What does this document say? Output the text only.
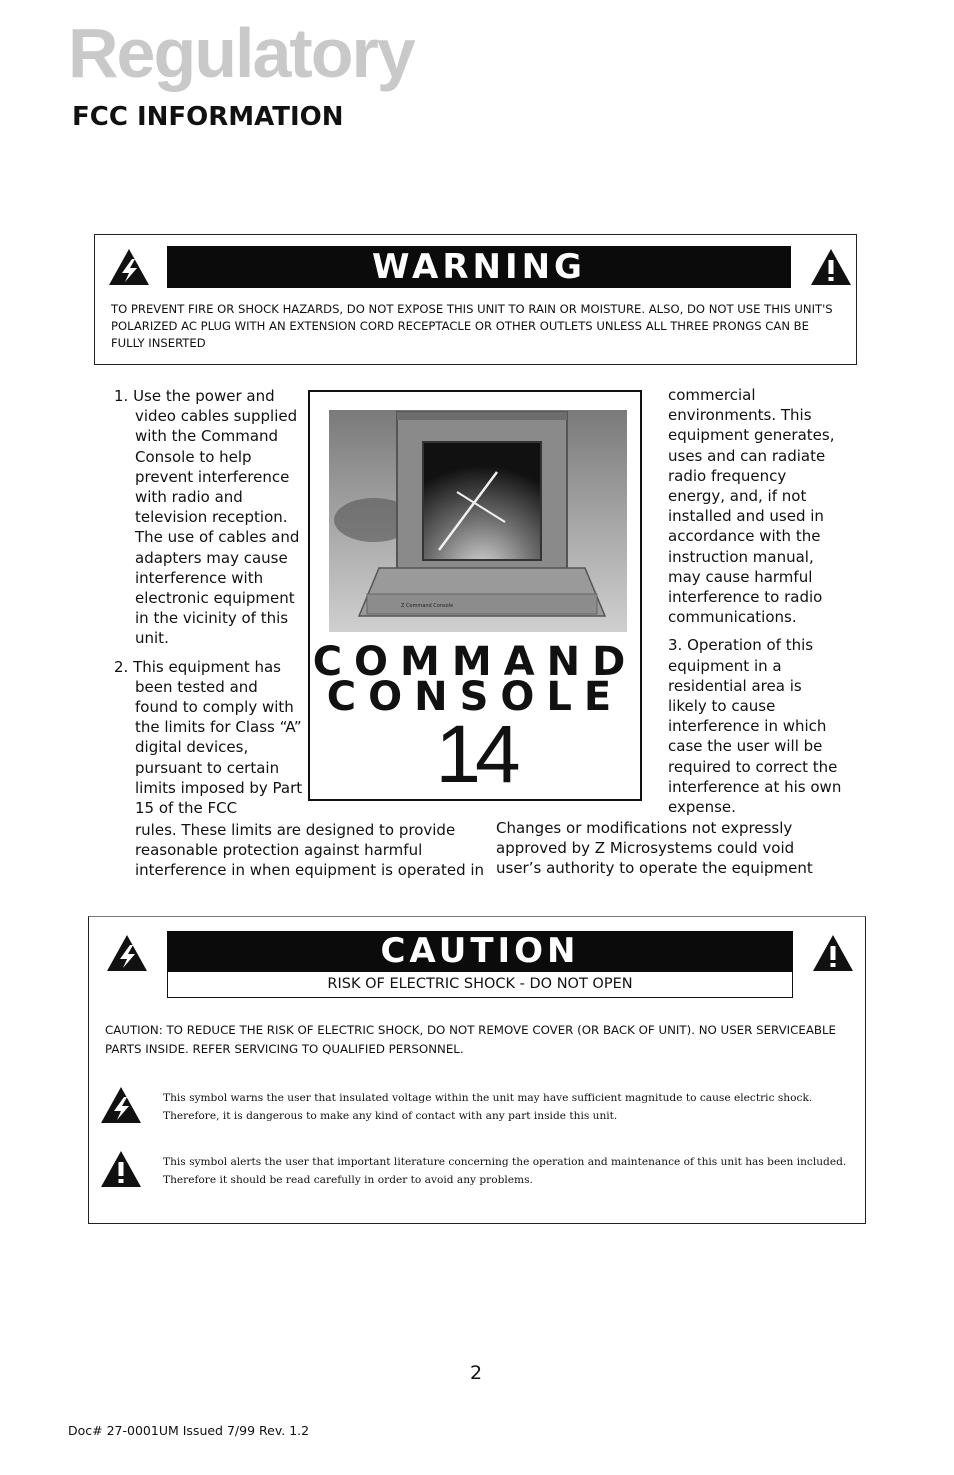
Regulatory
FCC INFORMATION
WARNING
TO PREVENT FIRE OR SHOCK HAZARDS, DO NOT EXPOSE THIS UNIT TO RAIN OR MOISTURE. ALSO, DO NOT USE THIS UNIT'S POLARIZED AC PLUG WITH AN EXTENSION CORD RECEPTACLE OR OTHER OUTLETS UNLESS ALL THREE PRONGS CAN BE FULLY INSERTED

1. Use the power and video cables supplied with the Command Console to help prevent interference with radio and television reception. The use of cables and adapters may cause interference with electronic equipment in the vicinity of this unit.

2. This equipment has been tested and found to comply with the limits for Class “A” digital devices, pursuant to certain limits imposed by Part 15 of the FCC

rules. These limits are designed to provide reasonable protection against harmful interference in when equipment is operated in

Z Command Console
COMMAND
CONSOLE
14

commercial environments. This equipment generates, uses and can radiate radio frequency energy, and, if not installed and used in accordance with the instruction manual, may cause harmful interference to radio communications.

3. Operation of this equipment in a residential area is likely to cause interference in which case the user will be required to correct the interference at his own expense.

Changes or modifications not expressly approved by Z Microsystems could void user’s authority to operate the equipment

CAUTION
RISK OF ELECTRIC SHOCK - DO NOT OPEN
CAUTION: TO REDUCE THE RISK OF ELECTRIC SHOCK, DO NOT REMOVE COVER (OR BACK OF UNIT). NO USER SERVICEABLE PARTS INSIDE. REFER SERVICING TO QUALIFIED PERSONNEL.
This symbol warns the user that insulated voltage within the unit may have sufficient magnitude to cause electric shock. Therefore, it is dangerous to make any kind of contact with any part inside this unit.
This symbol alerts the user that important literature concerning the operation and maintenance of this unit has been included. Therefore it should be read carefully in order to avoid any problems.
2
Doc# 27-0001UM Issued 7/99 Rev. 1.2
